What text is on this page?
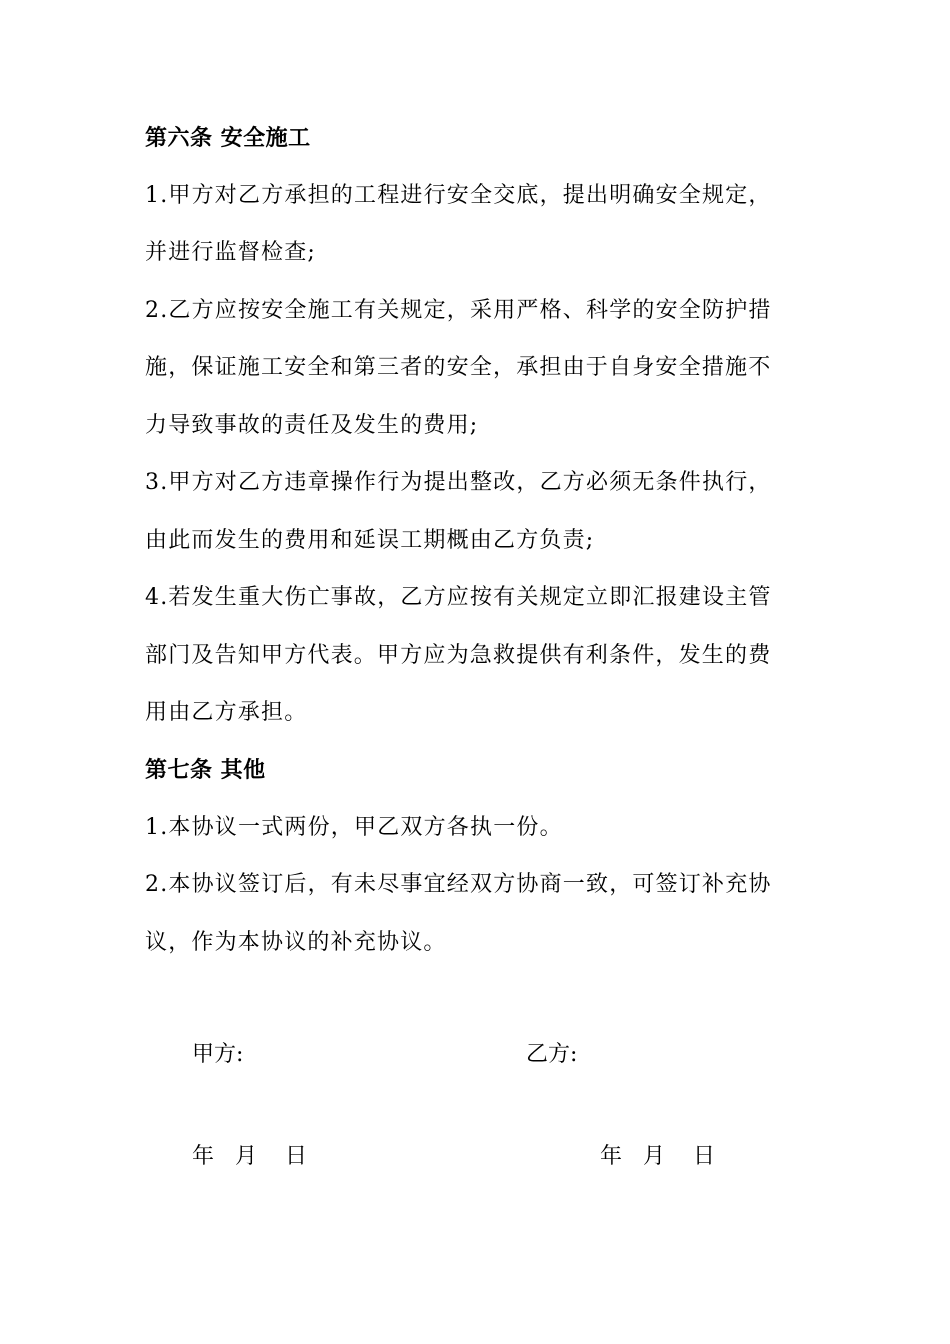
第六条 安全施工
1.甲方对乙方承担的工程进行安全交底，提出明确安全规定，
并进行监督检查;
2.乙方应按安全施工有关规定，采用严格、科学的安全防护措
施，保证施工安全和第三者的安全，承担由于自身安全措施不
力导致事故的责任及发生的费用;
3.甲方对乙方违章操作行为提出整改，乙方必须无条件执行，
由此而发生的费用和延误工期概由乙方负责;
4.若发生重大伤亡事故，乙方应按有关规定立即汇报建设主管
部门及告知甲方代表。甲方应为急救提供有利条件，发生的费
用由乙方承担。
第七条 其他
1.本协议一式两份，甲乙双方各执一份。
2.本协议签订后，有未尽事宜经双方协商一致，可签订补充协
议，作为本协议的补充协议。
甲方:	乙方:
年   月    日	年   月    日
